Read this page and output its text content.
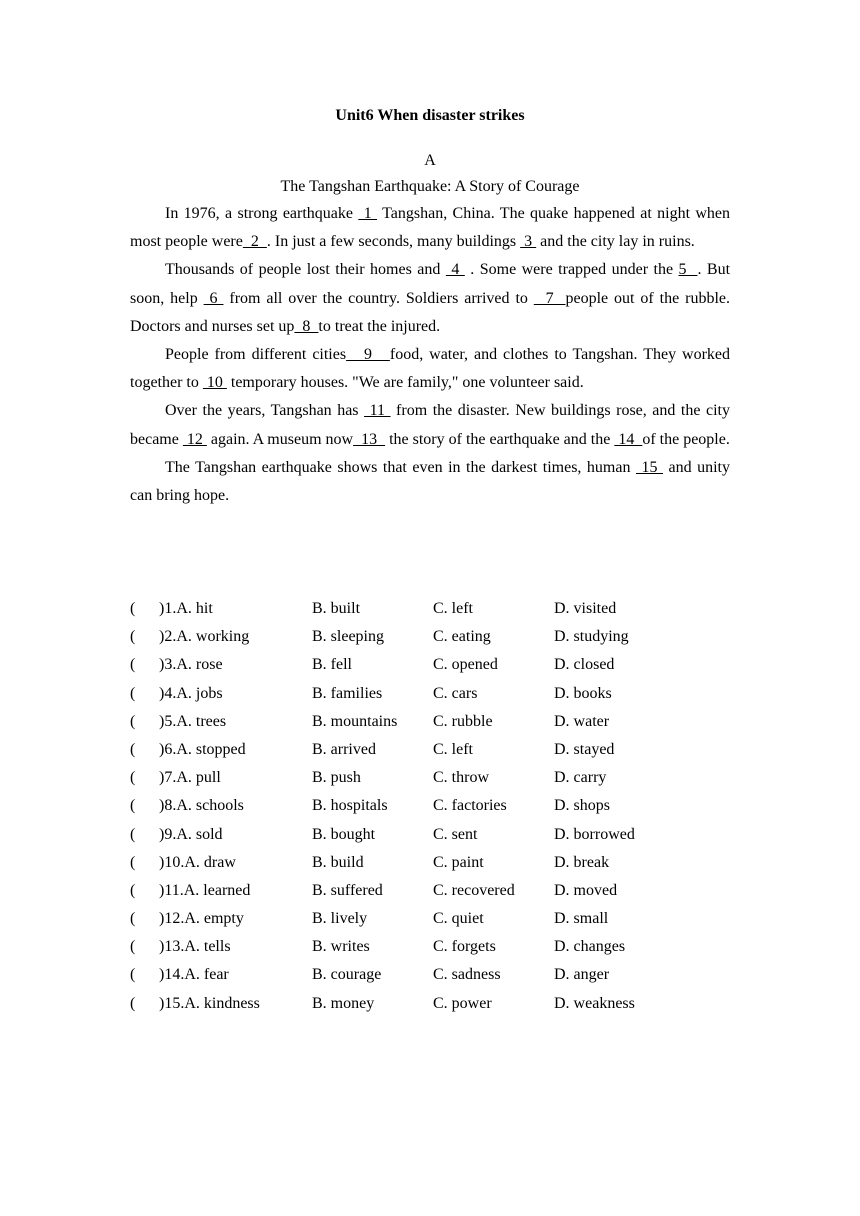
Unit6 When disaster strikes
A
The Tangshan Earthquake: A Story of Courage

In 1976, a strong earthquake  1  Tangshan, China. The quake happened at night when most people were  2  . In just a few seconds, many buildings  3  and the city lay in ruins.

Thousands of people lost their homes and  4  . Some were trapped under the 5  . But soon, help  6  from all over the country. Soldiers arrived to   7  people out of the rubble. Doctors and nurses set up  8  to treat the injured.

People from different cities   9   food, water, and clothes to Tangshan. They worked together to  10  temporary houses. "We are family," one volunteer said.

Over the years, Tangshan has  11  from the disaster. New buildings rose, and the city became  12  again. A museum now  13   the story of the earthquake and the  14  of the people.

The Tangshan earthquake shows that even in the darkest times, human  15  and unity can bring hope.

( )1.A. hit	B. built	C. left	D. visited
( )2.A. working	B. sleeping	C. eating	D. studying
( )3.A. rose	B. fell	C. opened	D. closed
( )4.A. jobs	B. families	C. cars	D. books
( )5.A. trees	B. mountains C. rubble	D. water
( )6.A. stopped	B. arrived	C. left	D. stayed
( )7.A. pull	B. push	C. throw	D. carry
( )8.A. schools	B. hospitals	C. factories	D. shops
( )9.A. sold	B. bought	C. sent	D. borrowed
( )10.A. draw	B. build	C. paint	D. break
( )11.A. learned	B. suffered	C. recovered D. moved
( )12.A. empty	B. lively	C. quiet	D. small
( )13.A. tells	B. writes	C. forgets	D. changes
( )14.A. fear	B. courage	C. sadness	D. anger
( )15.A. kindness	B. money	C. power	D. weakness
